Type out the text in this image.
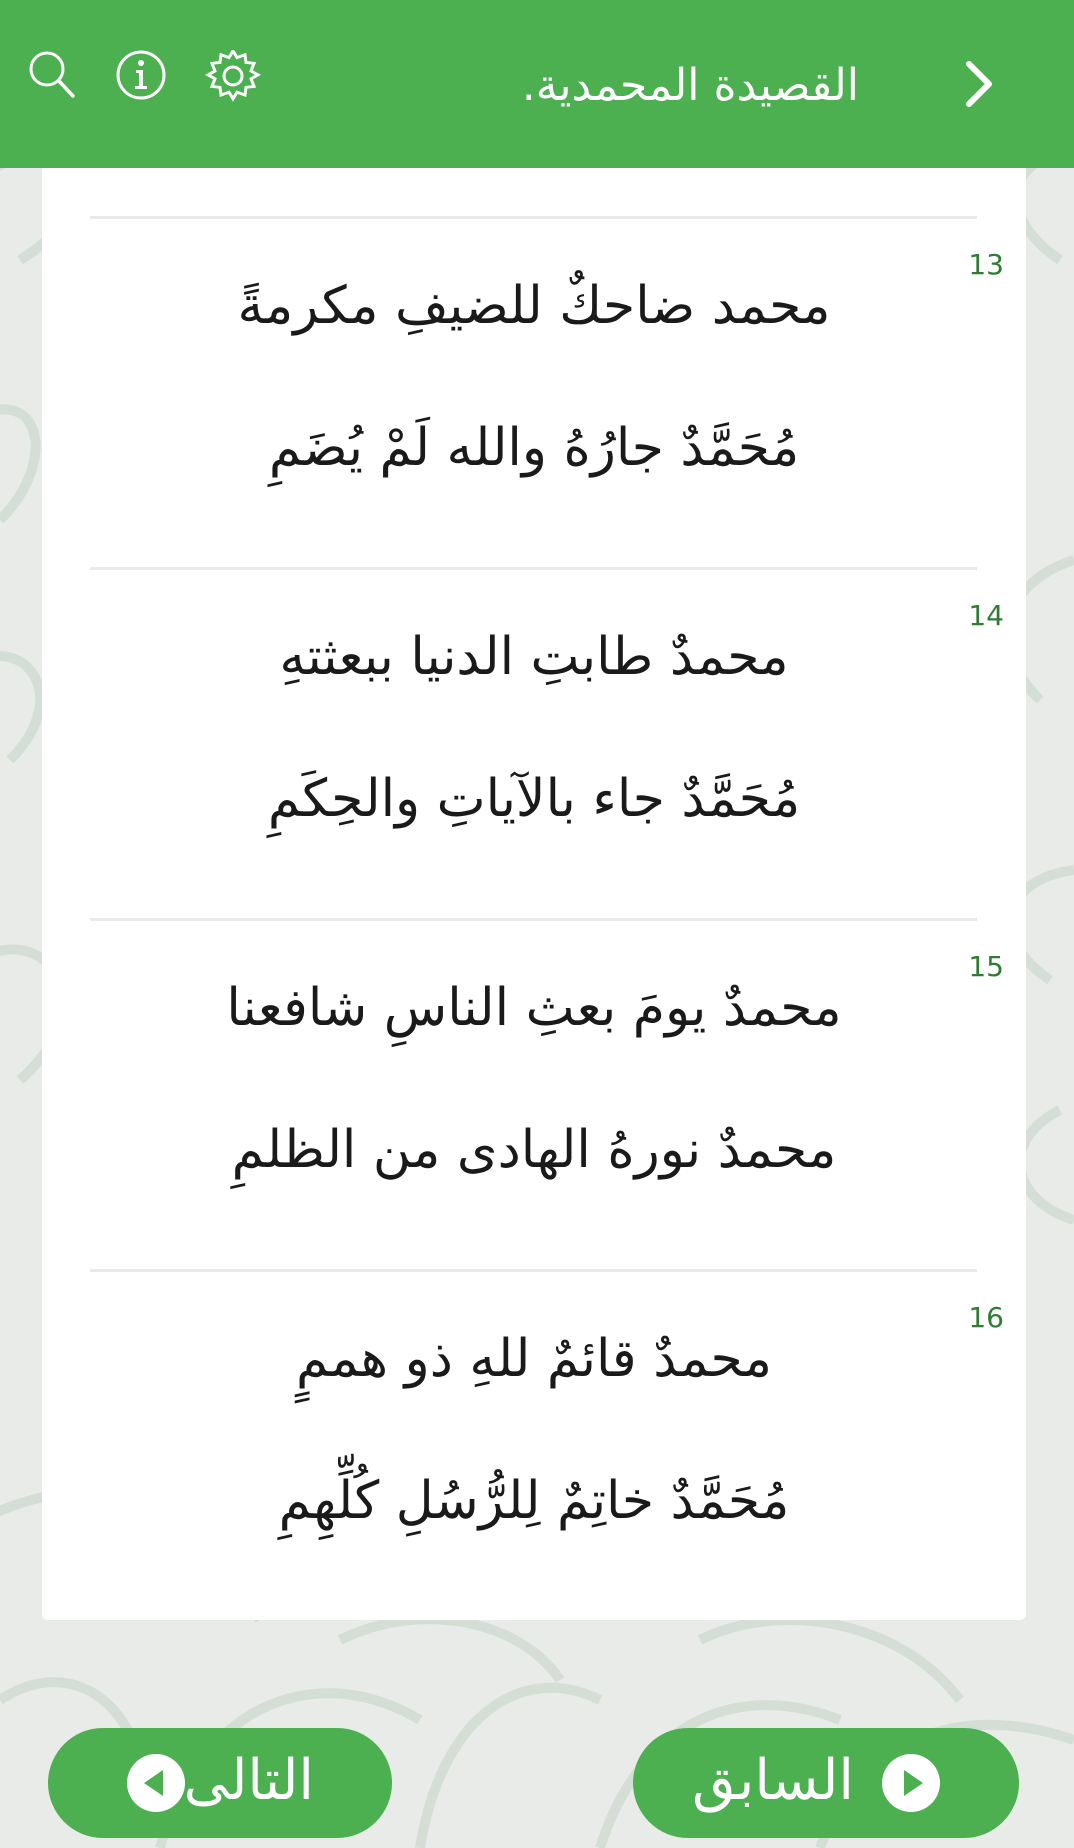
القصيدة المحمدية.
13
محمد ضاحكٌ للضيفِ مكرمةً
مُحَمَّدٌ جارُهُ والله لَمْ يُضَمِ
14
محمدٌ طابتِ الدنيا ببعثتهِ
مُحَمَّدٌ جاء بالآياتِ والحِكَمِ
15
محمدٌ يومَ بعثِ الناسِ شافعنا
محمدٌ نورهُ الهادى من الظلمِ
16
محمدٌ قائمٌ للهِ ذو هممٍ
مُحَمَّدٌ خاتِمٌ لِلرُّسُلِ كُلِّهِمِ
السابق
التالى
